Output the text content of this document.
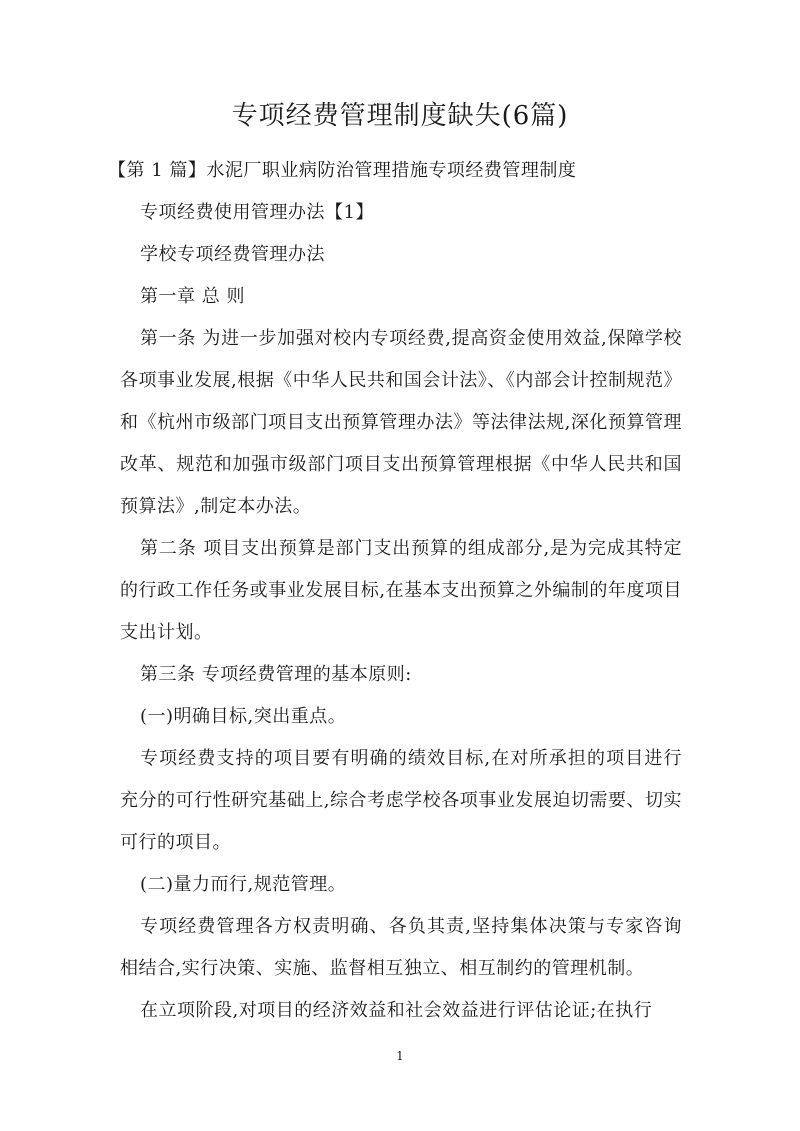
专项经费管理制度缺失(6篇)

【第 1 篇】水泥厂职业病防治管理措施专项经费管理制度

专项经费使用管理办法【1】

学校专项经费管理办法

第一章 总 则

第一条 为进一步加强对校内专项经费,提高资金使用效益,保障学校各项事业发展,根据《中华人民共和国会计法》、《内部会计控制规范》和《杭州市级部门项目支出预算管理办法》等法律法规,深化预算管理改革、规范和加强市级部门项目支出预算管理根据《中华人民共和国预算法》,制定本办法。

第二条 项目支出预算是部门支出预算的组成部分,是为完成其特定的行政工作任务或事业发展目标,在基本支出预算之外编制的年度项目支出计划。

第三条 专项经费管理的基本原则:

(一)明确目标,突出重点。

专项经费支持的项目要有明确的绩效目标,在对所承担的项目进行充分的可行性研究基础上,综合考虑学校各项事业发展迫切需要、切实可行的项目。

(二)量力而行,规范管理。

专项经费管理各方权责明确、各负其责,坚持集体决策与专家咨询相结合,实行决策、实施、监督相互独立、相互制约的管理机制。

在立项阶段,对项目的经济效益和社会效益进行评估论证;在执行

1
